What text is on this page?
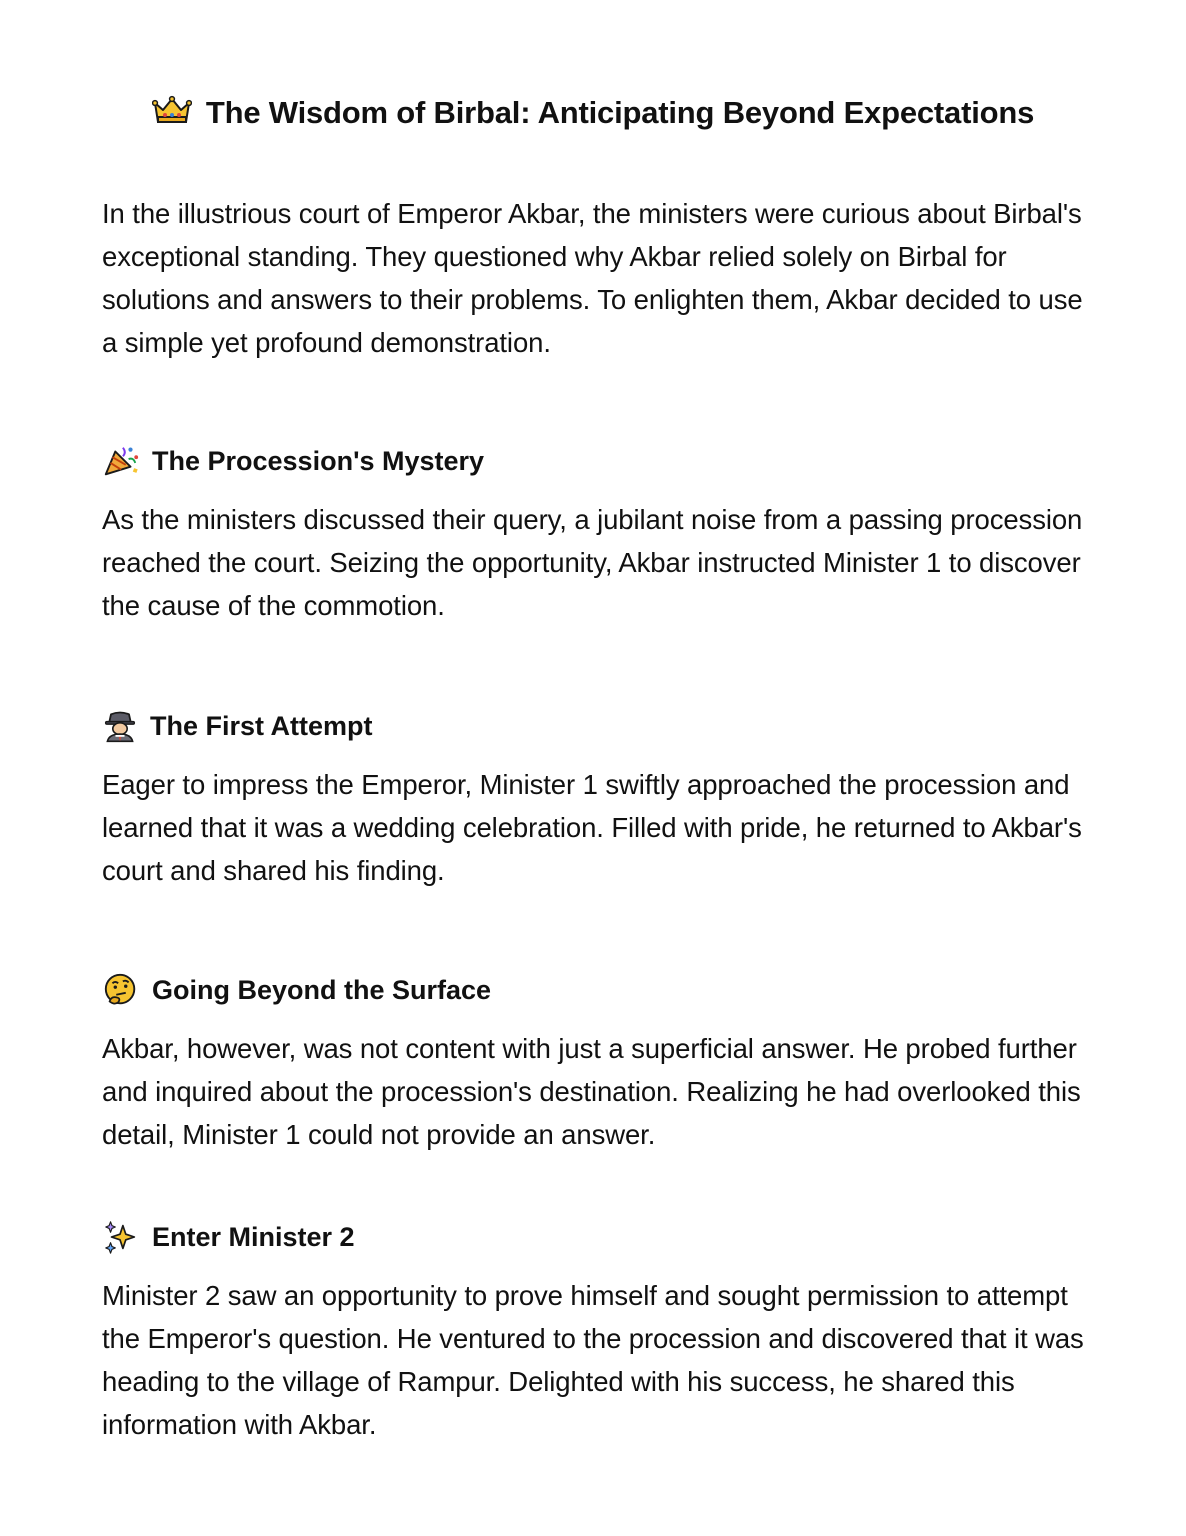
The Wisdom of Birbal: Anticipating Beyond Expectations

In the illustrious court of Emperor Akbar, the ministers were curious about Birbal's exceptional standing. They questioned why Akbar relied solely on Birbal for solutions and answers to their problems. To enlighten them, Akbar decided to use a simple yet profound demonstration.

The Procession's Mystery

As the ministers discussed their query, a jubilant noise from a passing procession reached the court. Seizing the opportunity, Akbar instructed Minister 1 to discover the cause of the commotion.

The First Attempt

Eager to impress the Emperor, Minister 1 swiftly approached the procession and learned that it was a wedding celebration. Filled with pride, he returned to Akbar's court and shared his finding.

Going Beyond the Surface

Akbar, however, was not content with just a superficial answer. He probed further and inquired about the procession's destination. Realizing he had overlooked this detail, Minister 1 could not provide an answer.

Enter Minister 2

Minister 2 saw an opportunity to prove himself and sought permission to attempt the Emperor's question. He ventured to the procession and discovered that it was heading to the village of Rampur. Delighted with his success, he shared this information with Akbar.
